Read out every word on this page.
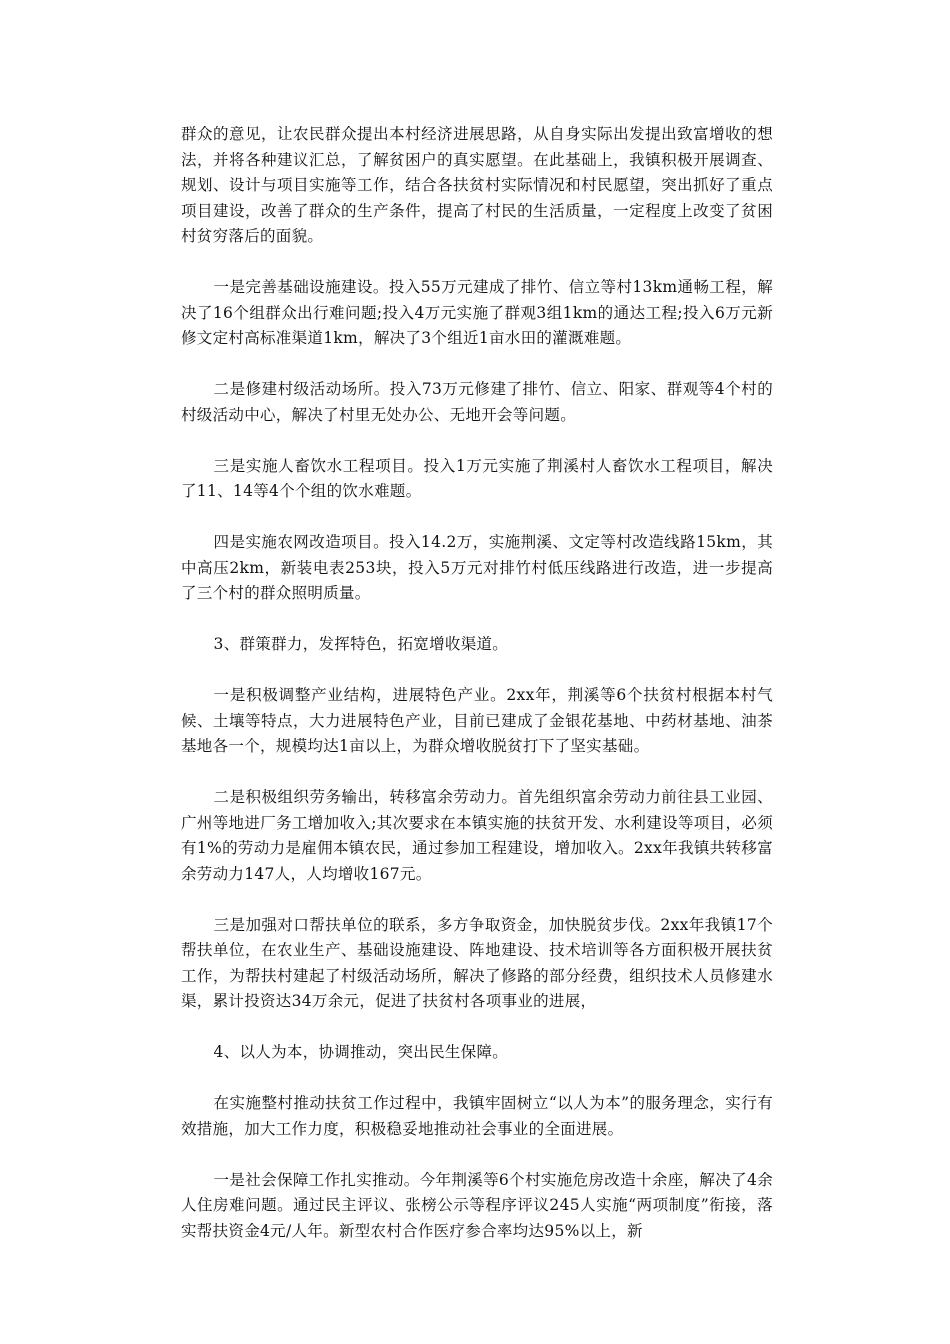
群众的意见，让农民群众提出本村经济进展思路，从自身实际出发提出致富增收的想法，并将各种建议汇总，了解贫困户的真实愿望。在此基础上，我镇积极开展调查、规划、设计与项目实施等工作，结合各扶贫村实际情况和村民愿望，突出抓好了重点项目建设，改善了群众的生产条件，提高了村民的生活质量，一定程度上改变了贫困村贫穷落后的面貌。

一是完善基础设施建设。投入55万元建成了排竹、信立等村13km通畅工程，解决了16个组群众出行难问题;投入4万元实施了群观3组1km的通达工程;投入6万元新修文定村高标准渠道1km，解决了3个组近1亩水田的灌溉难题。

二是修建村级活动场所。投入73万元修建了排竹、信立、阳家、群观等4个村的村级活动中心，解决了村里无处办公、无地开会等问题。

三是实施人畜饮水工程项目。投入1万元实施了荆溪村人畜饮水工程项目，解决了11、14等4个个组的饮水难题。

四是实施农网改造项目。投入14.2万，实施荆溪、文定等村改造线路15km，其中高压2km，新装电表253块，投入5万元对排竹村低压线路进行改造，进一步提高了三个村的群众照明质量。

3、群策群力，发挥特色，拓宽增收渠道。

一是积极调整产业结构，进展特色产业。2xx年，荆溪等6个扶贫村根据本村气候、土壤等特点，大力进展特色产业，目前已建成了金银花基地、中药材基地、油茶基地各一个，规模均达1亩以上，为群众增收脱贫打下了坚实基础。

二是积极组织劳务输出，转移富余劳动力。首先组织富余劳动力前往县工业园、广州等地进厂务工增加收入;其次要求在本镇实施的扶贫开发、水利建设等项目，必须有1%的劳动力是雇佣本镇农民，通过参加工程建设，增加收入。2xx年我镇共转移富余劳动力147人，人均增收167元。

三是加强对口帮扶单位的联系，多方争取资金，加快脱贫步伐。2xx年我镇17个帮扶单位，在农业生产、基础设施建设、阵地建设、技术培训等各方面积极开展扶贫工作，为帮扶村建起了村级活动场所，解决了修路的部分经费，组织技术人员修建水渠，累计投资达34万余元，促进了扶贫村各项事业的进展，

4、以人为本，协调推动，突出民生保障。

在实施整村推动扶贫工作过程中，我镇牢固树立“以人为本”的服务理念，实行有效措施，加大工作力度，积极稳妥地推动社会事业的全面进展。

一是社会保障工作扎实推动。今年荆溪等6个村实施危房改造十余座，解决了4余人住房难问题。通过民主评议、张榜公示等程序评议245人实施“两项制度”衔接，落实帮扶资金4元/人年。新型农村合作医疗参合率均达95%以上，新
